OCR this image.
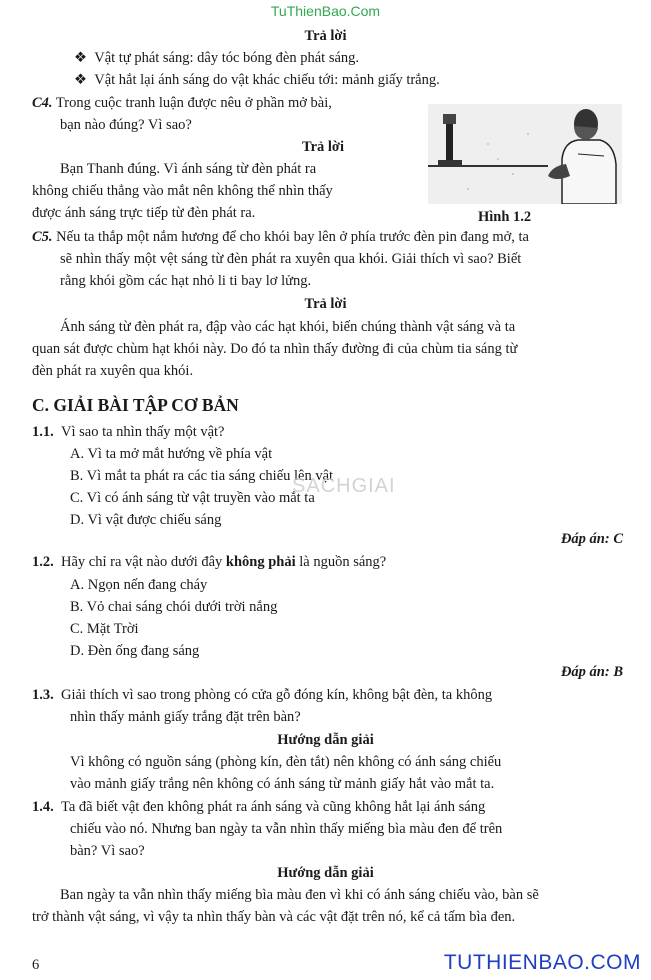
TuThienBao.Com
Trả lời
❖ Vật tự phát sáng: dây tóc bóng đèn phát sáng.
❖ Vật hắt lại ánh sáng do vật khác chiếu tới: mảnh giấy trắng.
C4. Trong cuộc tranh luận được nêu ở phần mở bài,
bạn nào đúng? Vì sao?
Trả lời
Bạn Thanh đúng. Vì ánh sáng từ đèn phát ra
không chiếu thẳng vào mắt nên không thể nhìn thấy
được ánh sáng trực tiếp từ đèn phát ra.	Hình 1.2
C5. Nếu ta thắp một nắm hương để cho khói bay lên ở phía trước đèn pin đang mở, ta
sẽ nhìn thấy một vệt sáng từ đèn phát ra xuyên qua khói. Giải thích vì sao? Biết
rằng khói gồm các hạt nhỏ li ti bay lơ lửng.
Trả lời
Ánh sáng từ đèn phát ra, đập vào các hạt khói, biến chúng thành vật sáng và ta
quan sát được chùm hạt khói này. Do đó ta nhìn thấy đường đi của chùm tia sáng từ
đèn phát ra xuyên qua khói.
C. GIẢI BÀI TẬP CƠ BẢN
1.1. Vì sao ta nhìn thấy một vật?
A. Vì ta mở mắt hướng về phía vật
B. Vì mắt ta phát ra các tia sáng chiếu lên vật
C. Vì có ánh sáng từ vật truyền vào mắt ta
D. Vì vật được chiếu sáng
SACHGIAI
Đáp án: C
1.2. Hãy chỉ ra vật nào dưới đây không phải là nguồn sáng?
A. Ngọn nến đang cháy
B. Vỏ chai sáng chói dưới trời nắng
C. Mặt Trời
D. Đèn ống đang sáng
Đáp án: B
1.3. Giải thích vì sao trong phòng có cửa gỗ đóng kín, không bật đèn, ta không
nhìn thấy mảnh giấy trắng đặt trên bàn?
Hướng dẫn giải
Vì không có nguồn sáng (phòng kín, đèn tắt) nên không có ánh sáng chiếu
vào mảnh giấy trắng nên không có ánh sáng từ mảnh giấy hắt vào mắt ta.
1.4. Ta đã biết vật đen không phát ra ánh sáng và cũng không hắt lại ánh sáng
chiếu vào nó. Nhưng ban ngày ta vẫn nhìn thấy miếng bìa màu đen để trên
bàn? Vì sao?
Hướng dẫn giải
Ban ngày ta vẫn nhìn thấy miếng bìa màu đen vì khi có ánh sáng chiếu vào, bàn sẽ
trở thành vật sáng, vì vậy ta nhìn thấy bàn và các vật đặt trên nó, kể cả tấm bìa đen.
6	TUTHIENBAO.COM
